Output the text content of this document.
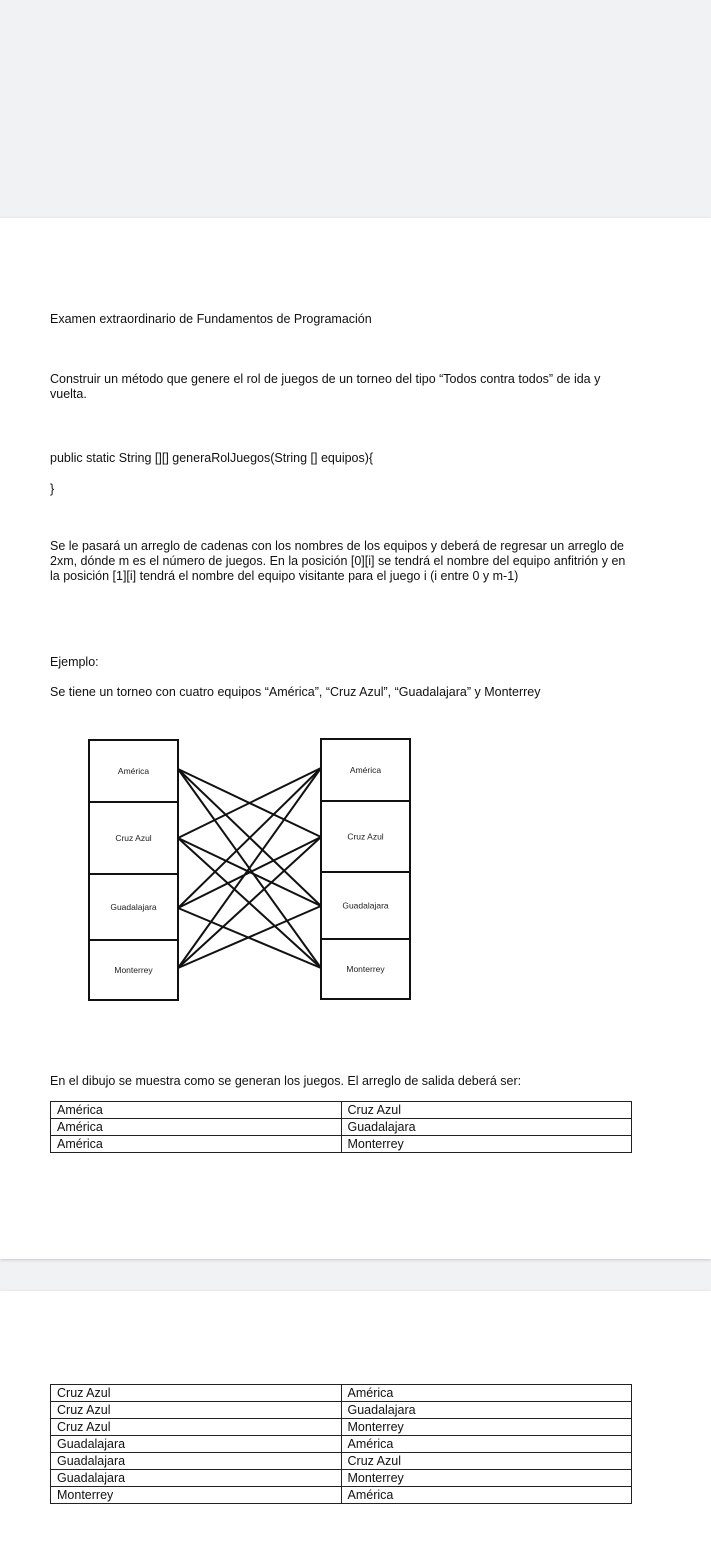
Examen extraordinario de Fundamentos de Programación

Construir un método que genere el rol de juegos de un torneo del tipo “Todos contra todos” de ida y vuelta.

public static String [][] generaRolJuegos(String [] equipos){

}

Se le pasará un arreglo de cadenas con los nombres de los equipos y deberá de regresar un arreglo de 2xm, dónde m es el número de juegos. En la posición [0][i] se tendrá el nombre del equipo anfitrión y en la posición [1][i] tendrá el nombre del equipo visitante para el juego i (i entre 0 y m-1)

Ejemplo:

Se tiene un torneo con cuatro equipos “América”, “Cruz Azul”, “Guadalajara” y Monterrey

América
Cruz Azul
Guadalajara
Monterrey
América
Cruz Azul
Guadalajara
Monterrey

En el dibujo se muestra como se generan los juegos. El arreglo de salida deberá ser:

América	Cruz Azul
América	Guadalajara
América	Monterrey
Cruz Azul	América
Cruz Azul	Guadalajara
Cruz Azul	Monterrey
Guadalajara	América
Guadalajara	Cruz Azul
Guadalajara	Monterrey
Monterrey	América
